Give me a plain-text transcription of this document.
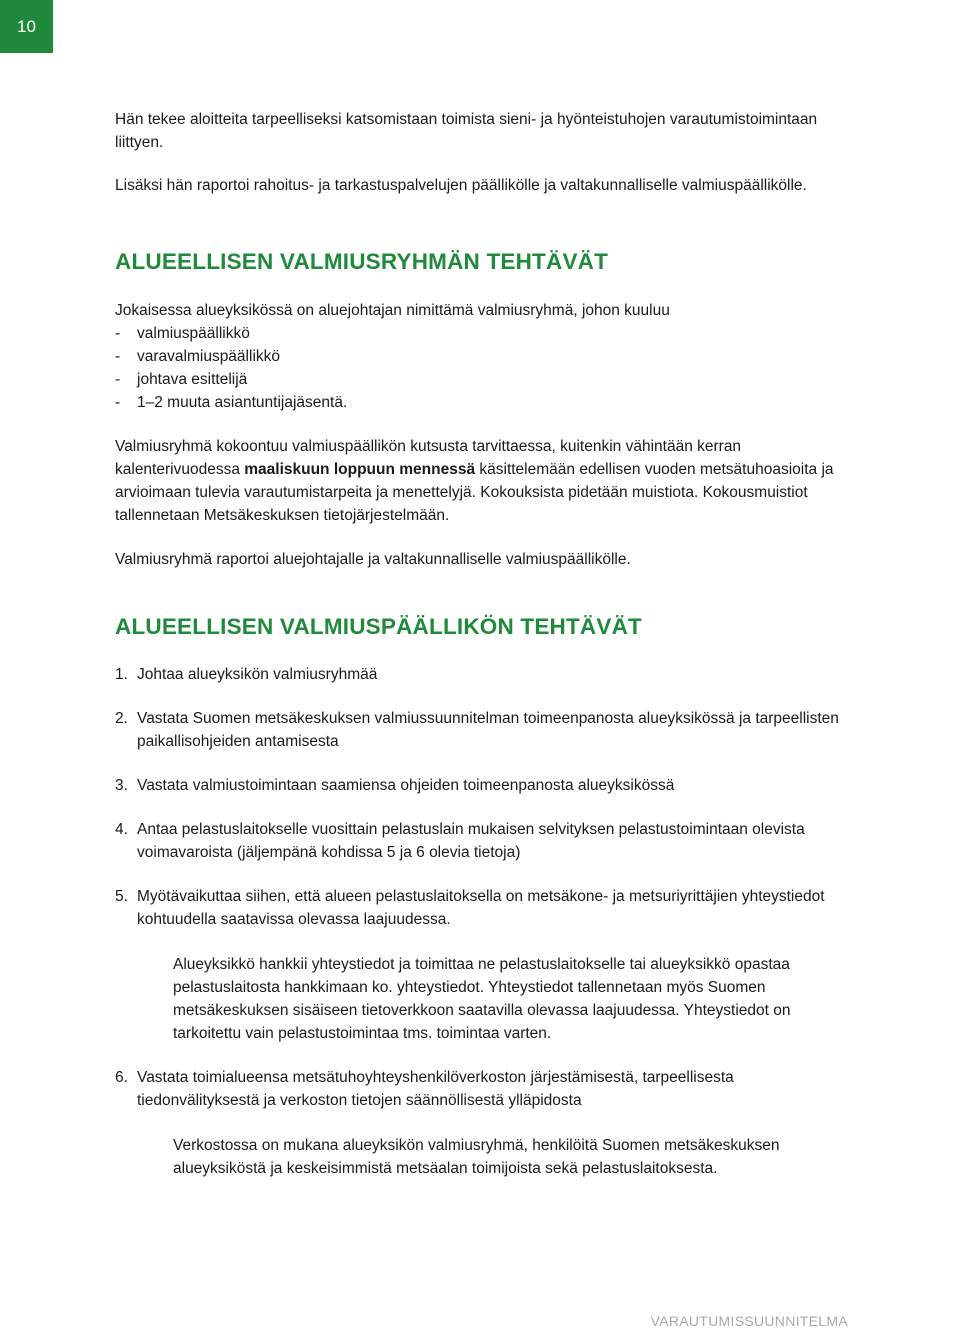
10

Hän tekee aloitteita tarpeelliseksi katsomistaan toimista sieni- ja hyönteistuhojen varautumistoimintaan liittyen.

Lisäksi hän raportoi rahoitus- ja tarkastuspalvelujen päällikölle ja valtakunnalliselle valmiuspäällikölle.

ALUEELLISEN VALMIUSRYHMÄN TEHTÄVÄT

Jokaisessa alueyksikössä on aluejohtajan nimittämä valmiusryhmä, johon kuuluu

-	valmiuspäällikkö
-	varavalmiuspäällikkö
-	johtava esittelijä
-	1–2 muuta asiantuntijajäsentä.

Valmiusryhmä kokoontuu valmiuspäällikön kutsusta tarvittaessa, kuitenkin vähintään kerran kalenterivuodessa maaliskuun loppuun mennessä käsittelemään edellisen vuoden metsätuhoasioita ja arvioimaan tulevia varautumistarpeita ja menettelyjä. Kokouksista pidetään muistiota. Kokousmuistiot tallennetaan Metsäkeskuksen tietojärjestelmään.

Valmiusryhmä raportoi aluejohtajalle ja valtakunnalliselle valmiuspäällikölle.

ALUEELLISEN VALMIUSPÄÄLLIKÖN TEHTÄVÄT
1. Johtaa alueyksikön valmiusryhmää
2. Vastata Suomen metsäkeskuksen valmiussuunnitelman toimeenpanosta alueyksikössä ja tarpeellisten paikallisohjeiden antamisesta
3. Vastata valmiustoimintaan saamiensa ohjeiden toimeenpanosta alueyksikössä
4. Antaa pelastuslaitokselle vuosittain pelastuslain mukaisen selvityksen pelastustoimintaan olevista voimavaroista (jäljempänä kohdissa 5 ja 6 olevia tietoja)
5. Myötävaikuttaa siihen, että alueen pelastuslaitoksella on metsäkone- ja metsuriyrittäjien yhteystiedot kohtuudella saatavissa olevassa laajuudessa.

Alueyksikkö hankkii yhteystiedot ja toimittaa ne pelastuslaitokselle tai alueyksikkö opastaa pelastuslaitosta hankkimaan ko. yhteystiedot. Yhteystiedot tallennetaan myös Suomen metsäkeskuksen sisäiseen tietoverkkoon saatavilla olevassa laajuudessa. Yhteystiedot on tarkoitettu vain pelastustoimintaa tms. toimintaa varten.

6. Vastata toimialueensa metsätuhoyhteyshenkilöverkoston järjestämisestä, tarpeellisesta tiedonvälityksestä ja verkoston tietojen säännöllisestä ylläpidosta

Verkostossa on mukana alueyksikön valmiusryhmä, henkilöitä Suomen metsäkeskuksen alueyksiköstä ja keskeisimmistä metsäalan toimijoista sekä pelastuslaitoksesta.

VARAUTUMISSUUNNITELMA
